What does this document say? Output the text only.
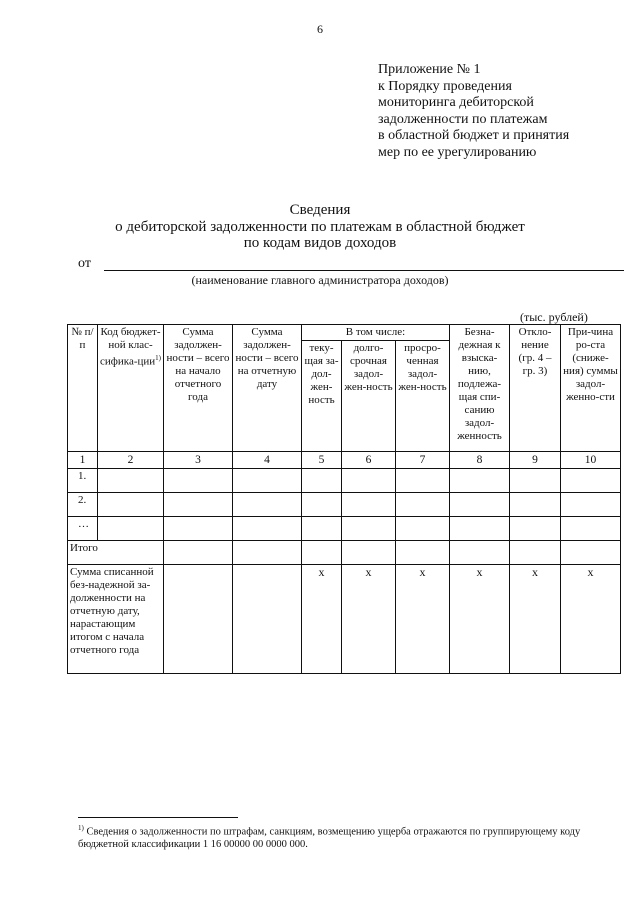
6
Приложение № 1
к Порядку проведения
мониторинга дебиторской
задолженности по платежам
в областной бюджет и принятия
мер по ее урегулированию
Сведения
о дебиторской задолженности по платежам в областной бюджет
по кодам видов доходов
от
(наименование главного администратора доходов)
(тыс. рублей)
№ п/п	Код бюджет-ной клас-сифика-ции$^{1)}$	Сумма задолжен-ности – всего на начало отчетного года	Сумма задолжен-ности – всего на отчетную дату	В том числе:			Безна-дежная к взыска-нию, подлежа-щая спи-санию задол-женность	Откло-нение (гр. 4 – гр. 3)	При-чина ро-ста (сниже-ния) суммы задол-женно-сти
				теку-щая за-дол-жен-ность	долго-срочная задол-жен-ность	просро-ченная задол-жен-ность			
1	2	3	4	5	6	7	8	9	10
1.									
2.									
…									
Итого									
Сумма списанной без-надежной за-долженности на отчетную дату, нарастающим итогом с начала отчетного года				x	x	x	x	x	x
$^{1)}$ Сведения о задолженности по штрафам, санкциям, возмещению ущерба отражаются по группирующему коду бюджетной классификации 1 16 00000 00 0000 000.
